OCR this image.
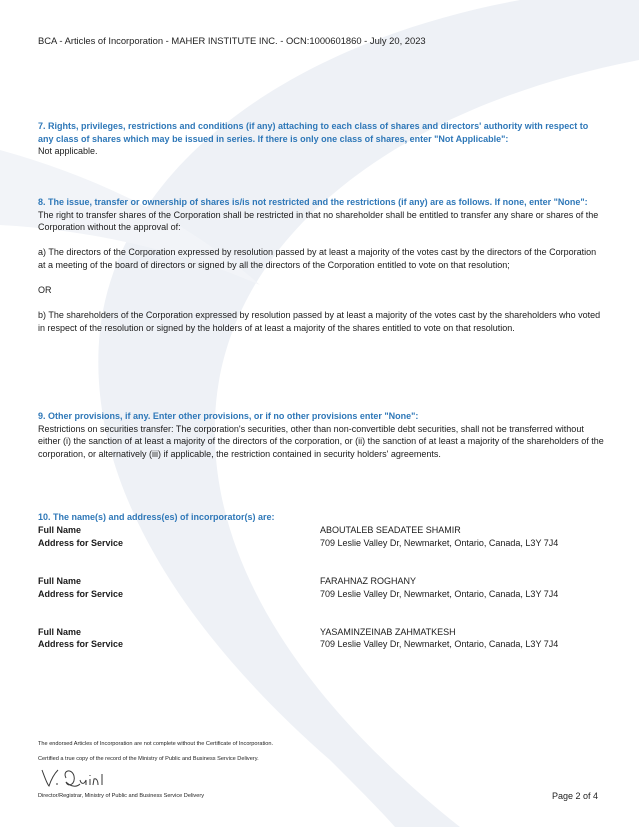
BCA - Articles of Incorporation - MAHER INSTITUTE INC. - OCN:1000601860 - July 20, 2023

7. Rights, privileges, restrictions and conditions (if any) attaching to each class of shares and directors' authority with respect to any class of shares which may be issued in series. If there is only one class of shares, enter "Not Applicable":

Not applicable.

8. The issue, transfer or ownership of shares is/is not restricted and the restrictions (if any) are as follows. If none, enter "None":

The right to transfer shares of the Corporation shall be restricted in that no shareholder shall be entitled to transfer any share or shares of the Corporation without the approval of:

a) The directors of the Corporation expressed by resolution passed by at least a majority of the votes cast by the directors of the Corporation at a meeting of the board of directors or signed by all the directors of the Corporation entitled to vote on that resolution;

OR

b) The shareholders of the Corporation expressed by resolution passed by at least a majority of the votes cast by the shareholders who voted in respect of the resolution or signed by the holders of at least a majority of the shares entitled to vote on that resolution.

9. Other provisions, if any. Enter other provisions, or if no other provisions enter "None":

Restrictions on securities transfer: The corporation's securities, other than non-convertible debt securities, shall not be transferred without either (i) the sanction of at least a majority of the directors of the corporation, or (ii) the sanction of at least a majority of the shareholders of the corporation, or alternatively (iii) if applicable, the restriction contained in security holders' agreements.

10. The name(s) and address(es) of incorporator(s) are:

Full Name	ABOUTALEB SEADATEE SHAMIR
Address for Service	709 Leslie Valley Dr, Newmarket, Ontario, Canada, L3Y 7J4
Full Name	FARAHNAZ ROGHANY
Address for Service	709 Leslie Valley Dr, Newmarket, Ontario, Canada, L3Y 7J4
Full Name	YASAMINZEINAB ZAHMATKESH
Address for Service	709 Leslie Valley Dr, Newmarket, Ontario, Canada, L3Y 7J4
The endorsed Articles of Incorporation are not complete without the Certificate of Incorporation.
Certified a true copy of the record of the Ministry of Public and Business Service Delivery.
Director/Registrar, Ministry of Public and Business Service Delivery	Page 2 of 4
